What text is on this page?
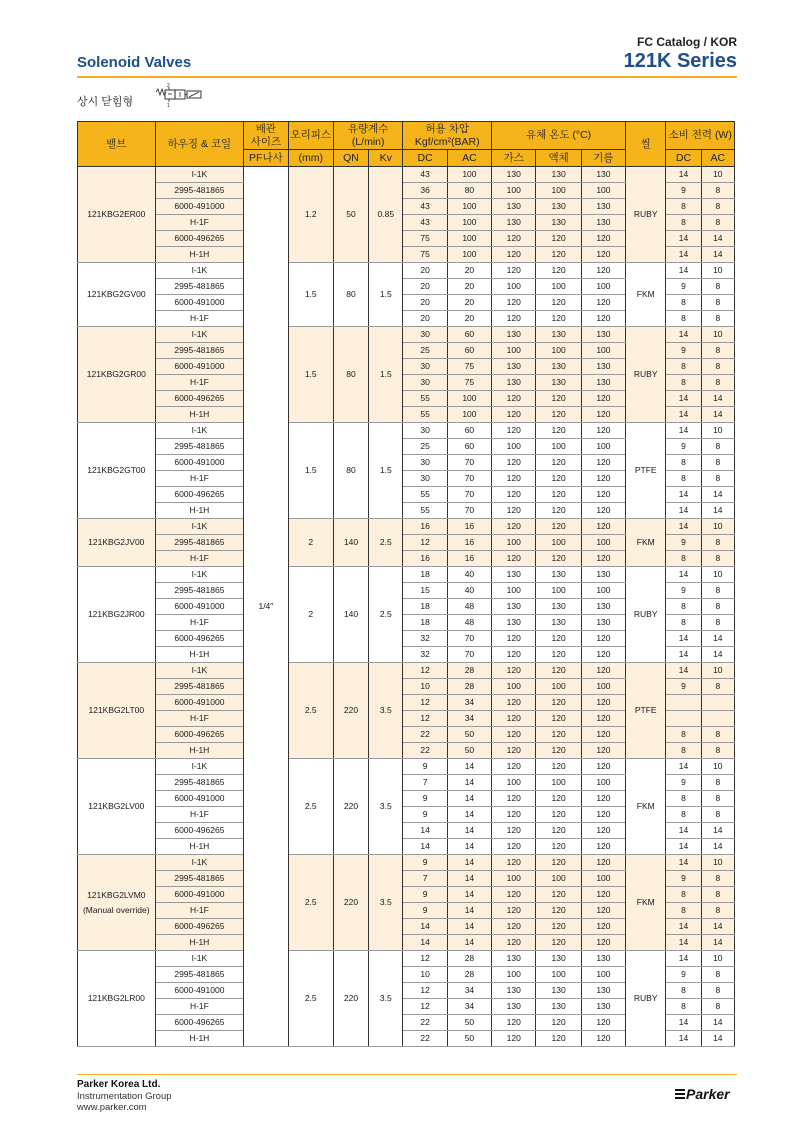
Solenoid Valves
FC Catalog / KOR
121K Series
상시 닫힘형
2
1
밸브	하우징 & 코일	배관
사이즈	오리피스	유량계수
(L/min)		허용 차압
Kgf/cm²(BAR)		유체 온도 (°C)			씰	소비 전력 (W)	
		PF나사	(mm)	QN	Kv	DC	AC	가스	액체	기름		DC	AC
121KBG2ER00	I-1K	1/4"	1.2	50	0.85	43	100	130	130	130	RUBY	14	10
	2995-481865					36	80	100	100	100		9	8
	6000-491000					43	100	130	130	130		8	8
	H-1F					43	100	130	130	130		8	8
	6000-496265					75	100	120	120	120		14	14
	H-1H					75	100	120	120	120		14	14
121KBG2GV00	I-1K		1.5	80	1.5	20	20	120	120	120	FKM	14	10
	2995-481865					20	20	100	100	100		9	8
	6000-491000					20	20	120	120	120		8	8
	H-1F					20	20	120	120	120		8	8
121KBG2GR00	I-1K		1.5	80	1.5	30	60	130	130	130	RUBY	14	10
	2995-481865					25	60	100	100	100		9	8
	6000-491000					30	75	130	130	130		8	8
	H-1F					30	75	130	130	130		8	8
	6000-496265					55	100	120	120	120		14	14
	H-1H					55	100	120	120	120		14	14
121KBG2GT00	I-1K		1.5	80	1.5	30	60	120	120	120	PTFE	14	10
	2995-481865					25	60	100	100	100		9	8
	6000-491000					30	70	120	120	120		8	8
	H-1F					30	70	120	120	120		8	8
	6000-496265					55	70	120	120	120		14	14
	H-1H					55	70	120	120	120		14	14
121KBG2JV00	I-1K		2	140	2.5	16	16	120	120	120	FKM	14	10
	2995-481865					12	16	100	100	100		9	8
	H-1F					16	16	120	120	120		8	8
121KBG2JR00	I-1K		2	140	2.5	18	40	130	130	130	RUBY	14	10
	2995-481865					15	40	100	100	100		9	8
	6000-491000					18	48	130	130	130		8	8
	H-1F					18	48	130	130	130		8	8
	6000-496265					32	70	120	120	120		14	14
	H-1H					32	70	120	120	120		14	14
121KBG2LT00	I-1K		2.5	220	3.5	12	28	120	120	120	PTFE	14	10
	2995-481865					10	28	100	100	100		9	8
	6000-491000					12	34	120	120	120			
	H-1F					12	34	120	120	120			
	6000-496265					22	50	120	120	120		8	8
	H-1H					22	50	120	120	120		8	8
121KBG2LV00	I-1K		2.5	220	3.5	9	14	120	120	120	FKM	14	10
	2995-481865					7	14	100	100	100		9	8
	6000-491000					9	14	120	120	120		8	8
	H-1F					9	14	120	120	120		8	8
	6000-496265					14	14	120	120	120		14	14
	H-1H					14	14	120	120	120		14	14
121KBG2LVM0
(Manual override)	I-1K		2.5	220	3.5	9	14	120	120	120	FKM	14	10
	2995-481865					7	14	100	100	100		9	8
	6000-491000					9	14	120	120	120		8	8
	H-1F					9	14	120	120	120		8	8
	6000-496265					14	14	120	120	120		14	14
	H-1H					14	14	120	120	120		14	14
121KBG2LR00	I-1K		2.5	220	3.5	12	28	130	130	130	RUBY	14	10
	2995-481865					10	28	100	100	100		9	8
	6000-491000					12	34	130	130	130		8	8
	H-1F					12	34	130	130	130		8	8
	6000-496265					22	50	120	120	120		14	14
	H-1H					22	50	120	120	120		14	14
Parker Korea Ltd.
Instrumentation Group
www.parker.com
Parker
